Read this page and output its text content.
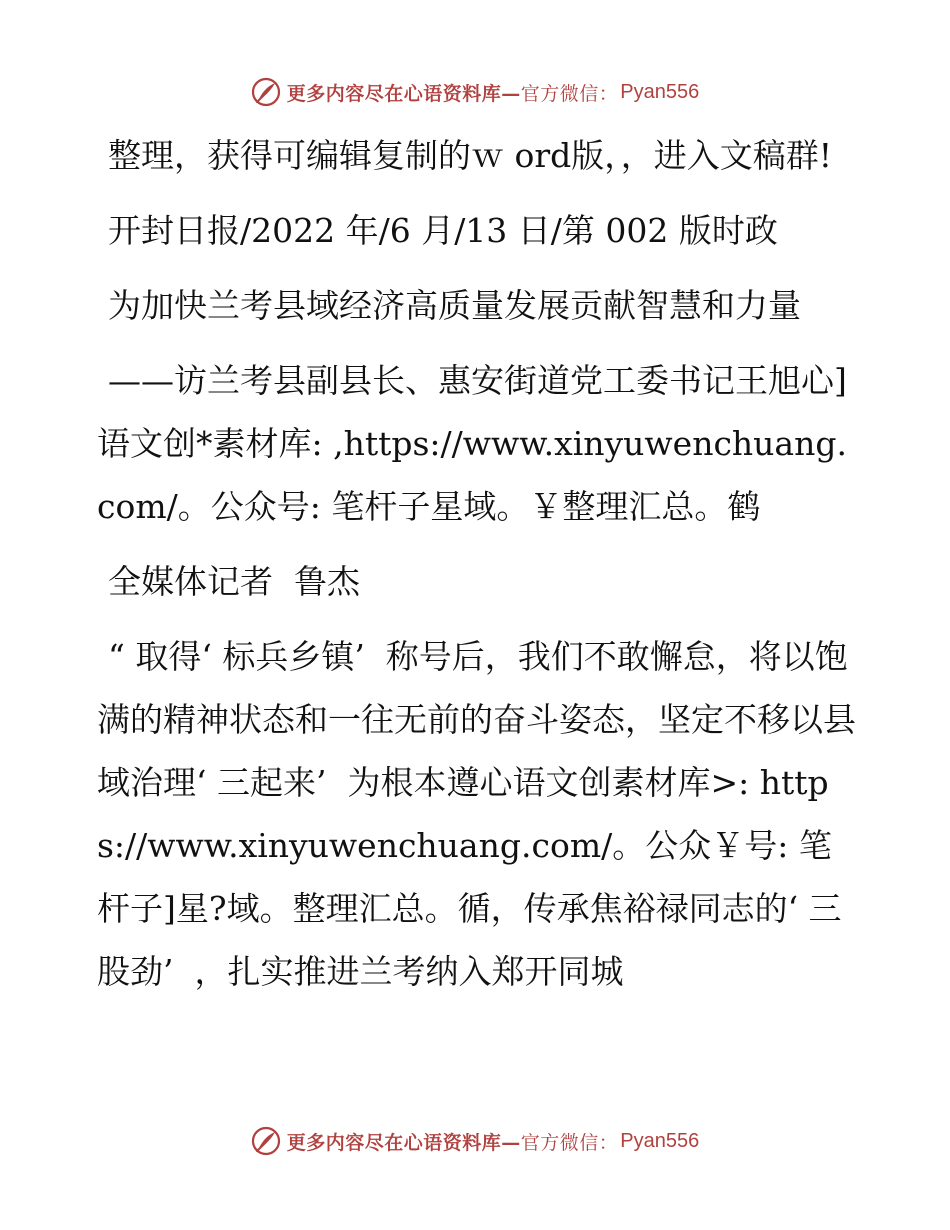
更多内容尽在心语资料库— 官方微信： Pyan556

整理，获得可编辑复制的ｗ ord版，，进入文稿群!

开封日报/2022 年/6 月/13 日/第 002 版时政

为加快兰考县域经济高质量发展贡献智慧和力量

——访兰考县副县长、惠安街道党工委书记王旭心]语文创*素材库: ,https://www.xinyuwenchuang.com/。公众号: 笔杆子星域。￥整理汇总。鹤

全媒体记者  鲁杰

“ 取得‘ 标兵乡镇’  称号后，我们不敢懈怠，将以饱满的精神状态和一往无前的奋斗姿态，坚定不移以县域治理‘ 三起来’  为根本遵心语文创素材库>: https://www.xinyuwenchuang.com/。公众￥号: 笔杆子]星?域。整理汇总。循，传承焦裕禄同志的‘ 三股劲’  ，扎实推进兰考纳入郑开同城

更多内容尽在心语资料库— 官方微信： Pyan556
